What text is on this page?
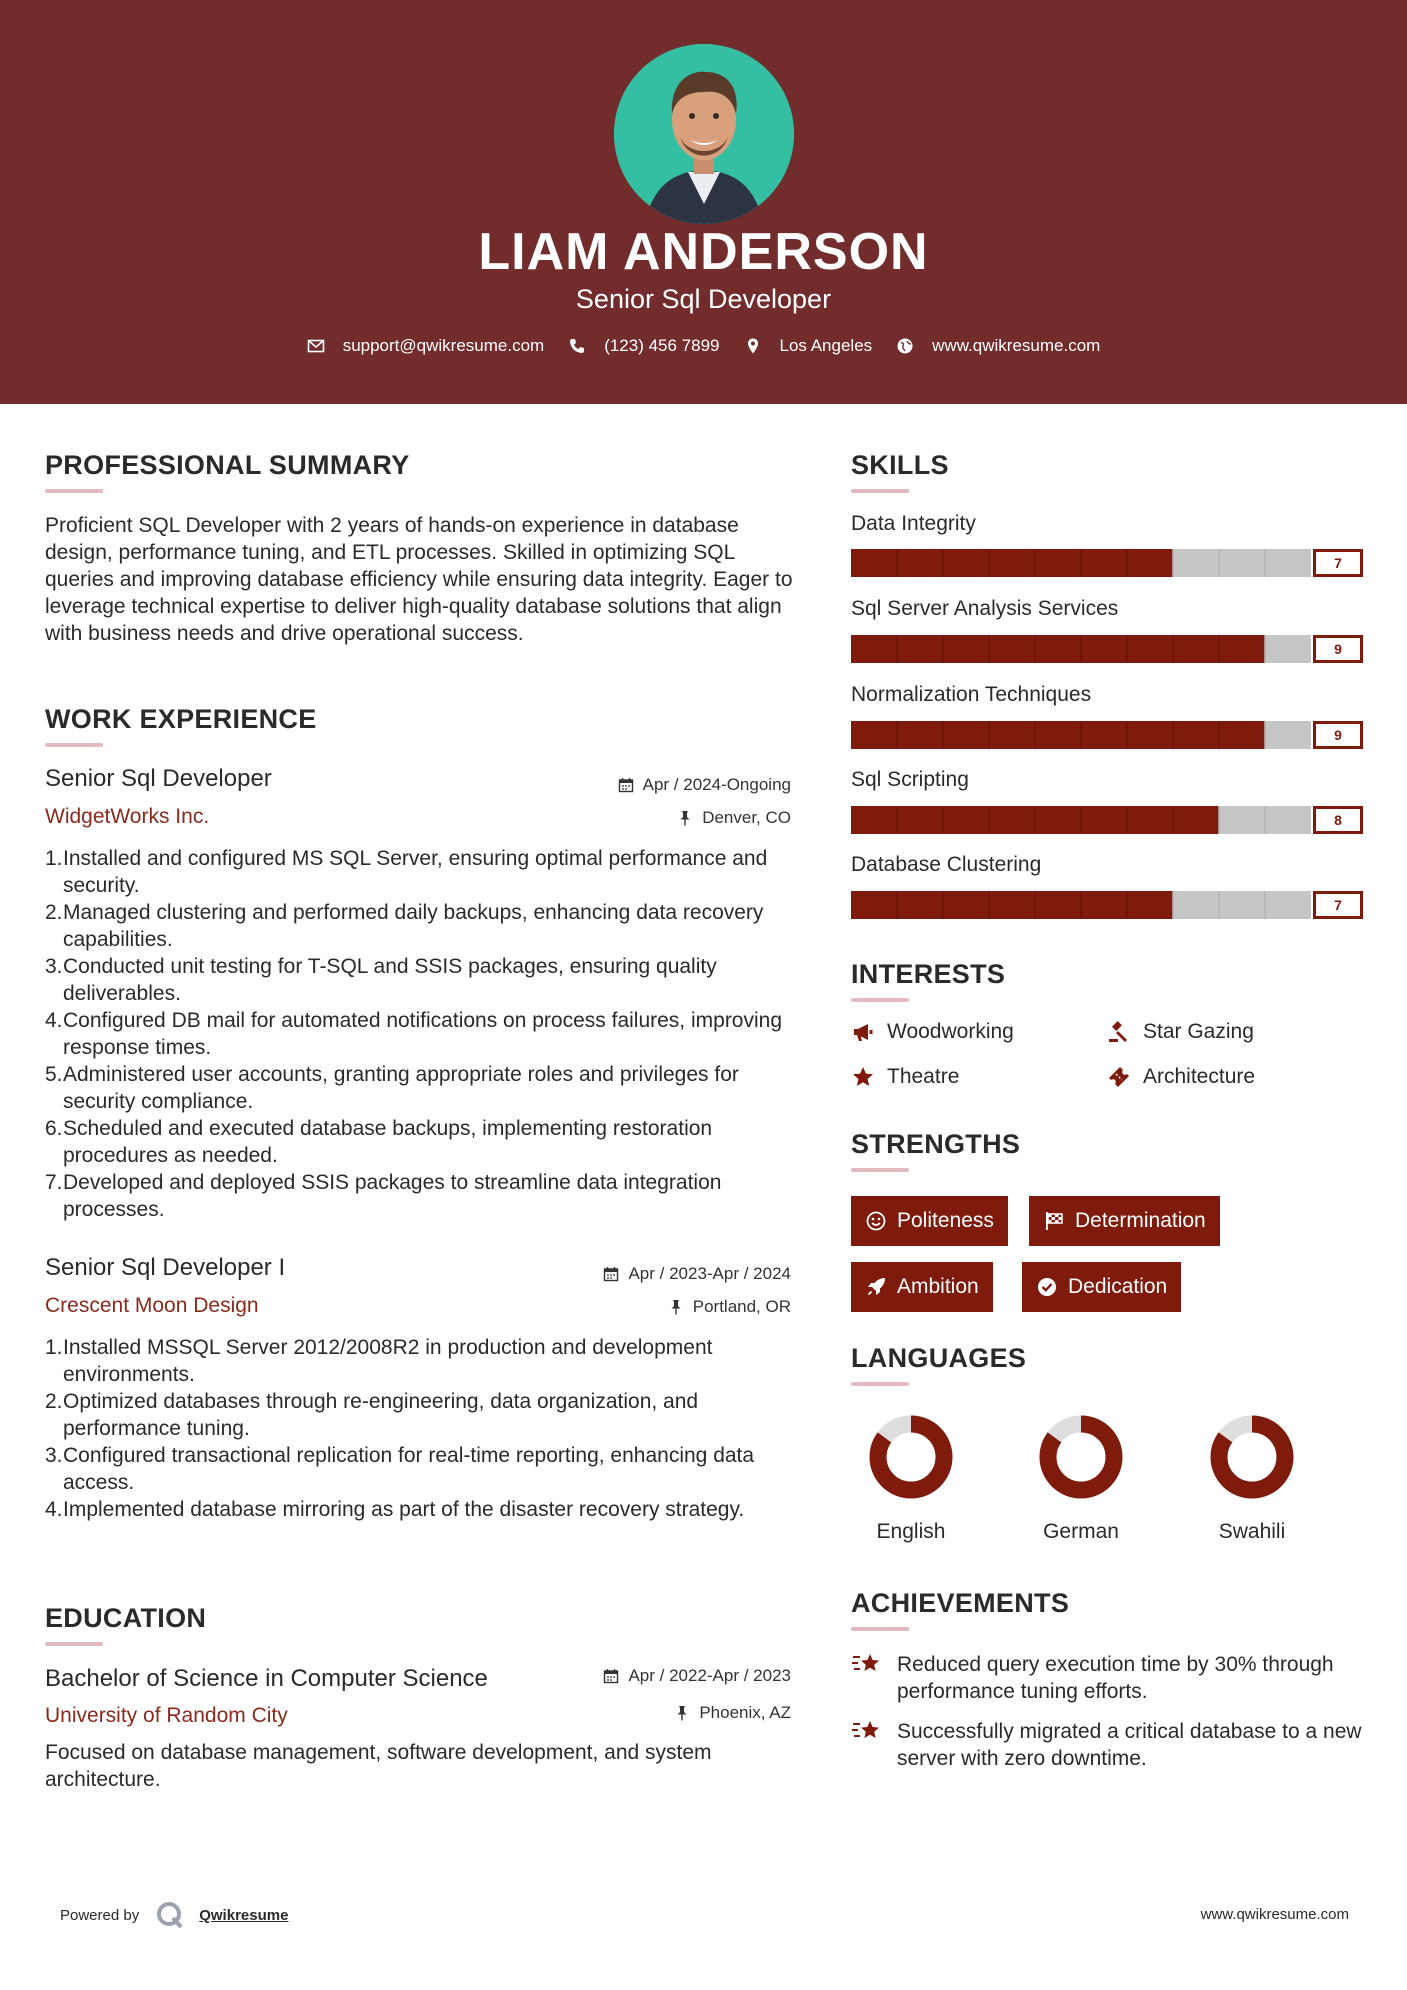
LIAM ANDERSON
Senior Sql Developer
support@qwikresume.com	(123) 456 7899	Los Angeles	www.qwikresume.com
PROFESSIONAL SUMMARY
Proficient SQL Developer with 2 years of hands-on experience in database design, performance tuning, and ETL processes. Skilled in optimizing SQL queries and improving database efficiency while ensuring data integrity. Eager to leverage technical expertise to deliver high-quality database solutions that align with business needs and drive operational success.
WORK EXPERIENCE
Senior Sql Developer	Apr / 2024-Ongoing
WidgetWorks Inc.	Denver, CO
1. Installed and configured MS SQL Server, ensuring optimal performance and security.
2. Managed clustering and performed daily backups, enhancing data recovery capabilities.
3. Conducted unit testing for T-SQL and SSIS packages, ensuring quality deliverables.
4. Configured DB mail for automated notifications on process failures, improving response times.
5. Administered user accounts, granting appropriate roles and privileges for security compliance.
6. Scheduled and executed database backups, implementing restoration procedures as needed.
7. Developed and deployed SSIS packages to streamline data integration processes.
Senior Sql Developer I	Apr / 2023-Apr / 2024
Crescent Moon Design	Portland, OR
1. Installed MSSQL Server 2012/2008R2 in production and development environments.
2. Optimized databases through re-engineering, data organization, and performance tuning.
3. Configured transactional replication for real-time reporting, enhancing data access.
4. Implemented database mirroring as part of the disaster recovery strategy.
EDUCATION
Bachelor of Science in Computer Science	Apr / 2022-Apr / 2023
University of Random City	Phoenix, AZ
Focused on database management, software development, and system architecture.
SKILLS
Data Integrity
7
Sql Server Analysis Services
9
Normalization Techniques
9
Sql Scripting
8
Database Clustering
7
INTERESTS
Woodworking	Star Gazing
Theatre	Architecture
STRENGTHS
Politeness	Determination
Ambition	Dedication
LANGUAGES
English	German	Swahili
ACHIEVEMENTS
Reduced query execution time by 30% through performance tuning efforts.
Successfully migrated a critical database to a new server with zero downtime.
Powered by	Qwikresume	www.qwikresume.com
